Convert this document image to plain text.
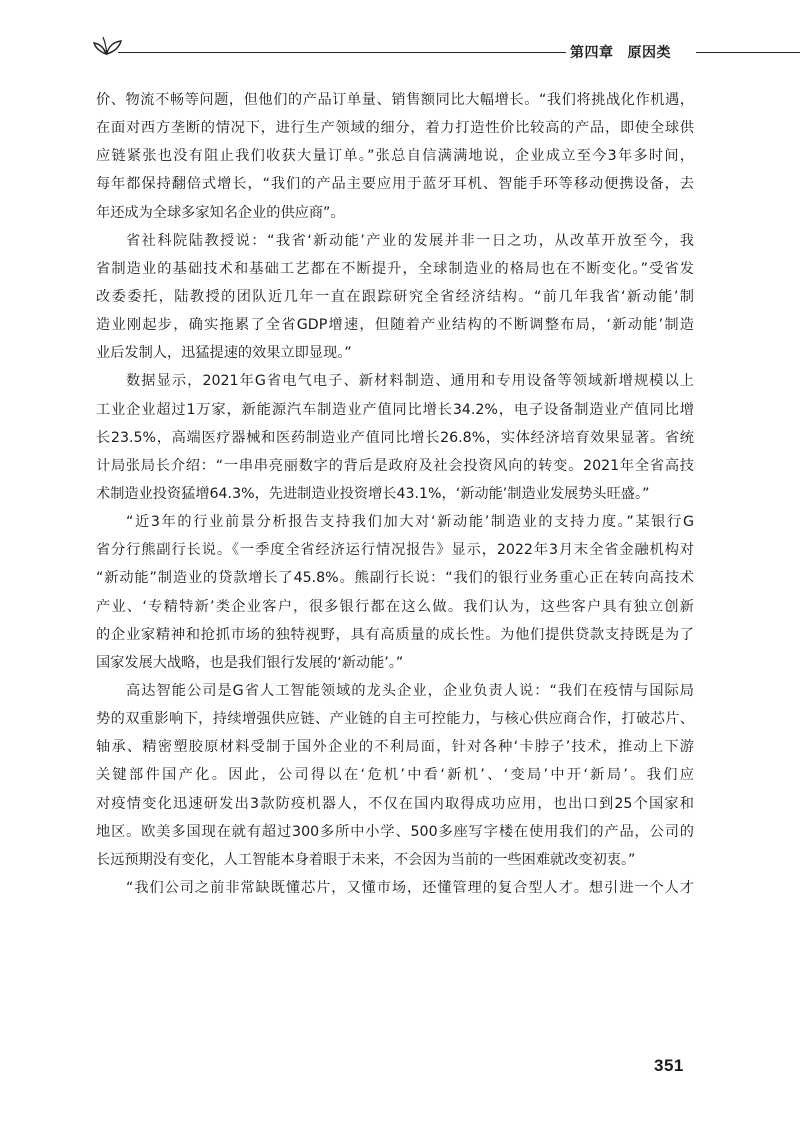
第四章 原因类
价、物流不畅等问题，但他们的产品订单量、销售额同比大幅增长。“我们将挑战化作机遇，
在面对西方垄断的情况下，进行生产领域的细分，着力打造性价比较高的产品，即使全球供
应链紧张也没有阻止我们收获大量订单。”张总自信满满地说，企业成立至今3年多时间，
每年都保持翻倍式增长，“我们的产品主要应用于蓝牙耳机、智能手环等移动便携设备，去
年还成为全球多家知名企业的供应商”。
省社科院陆教授说：“我省‘新动能’产业的发展并非一日之功，从改革开放至今，我
省制造业的基础技术和基础工艺都在不断提升，全球制造业的格局也在不断变化。”受省发
改委委托，陆教授的团队近几年一直在跟踪研究全省经济结构。“前几年我省‘新动能’制
造业刚起步，确实拖累了全省GDP增速，但随着产业结构的不断调整布局，‘新动能’制造
业后发制人，迅猛提速的效果立即显现。”
数据显示，2021年G省电气电子、新材料制造、通用和专用设备等领域新增规模以上
工业企业超过1万家，新能源汽车制造业产值同比增长34.2%，电子设备制造业产值同比增
长23.5%，高端医疗器械和医药制造业产值同比增长26.8%，实体经济培育效果显著。省统
计局张局长介绍：“一串串亮丽数字的背后是政府及社会投资风向的转变。2021年全省高技
术制造业投资猛增64.3%，先进制造业投资增长43.1%，‘新动能’制造业发展势头旺盛。”
“近3年的行业前景分析报告支持我们加大对‘新动能’制造业的支持力度。”某银行G
省分行熊副行长说。《一季度全省经济运行情况报告》显示，2022年3月末全省金融机构对
“新动能”制造业的贷款增长了45.8%。熊副行长说：“我们的银行业务重心正在转向高技术
产业、‘专精特新’类企业客户，很多银行都在这么做。我们认为，这些客户具有独立创新
的企业家精神和抢抓市场的独特视野，具有高质量的成长性。为他们提供贷款支持既是为了
国家发展大战略，也是我们银行发展的‘新动能’。”
高达智能公司是G省人工智能领域的龙头企业，企业负责人说：“我们在疫情与国际局
势的双重影响下，持续增强供应链、产业链的自主可控能力，与核心供应商合作，打破芯片、
轴承、精密塑胶原材料受制于国外企业的不利局面，针对各种‘卡脖子’技术，推动上下游
关键部件国产化。因此，公司得以在‘危机’中看‘新机’、‘变局’中开‘新局’。我们应
对疫情变化迅速研发出3款防疫机器人，不仅在国内取得成功应用，也出口到25个国家和
地区。欧美多国现在就有超过300多所中小学、500多座写字楼在使用我们的产品，公司的
长远预期没有变化，人工智能本身着眼于未来，不会因为当前的一些困难就改变初衷。”
“我们公司之前非常缺既懂芯片，又懂市场，还懂管理的复合型人才。想引进一个人才
351
